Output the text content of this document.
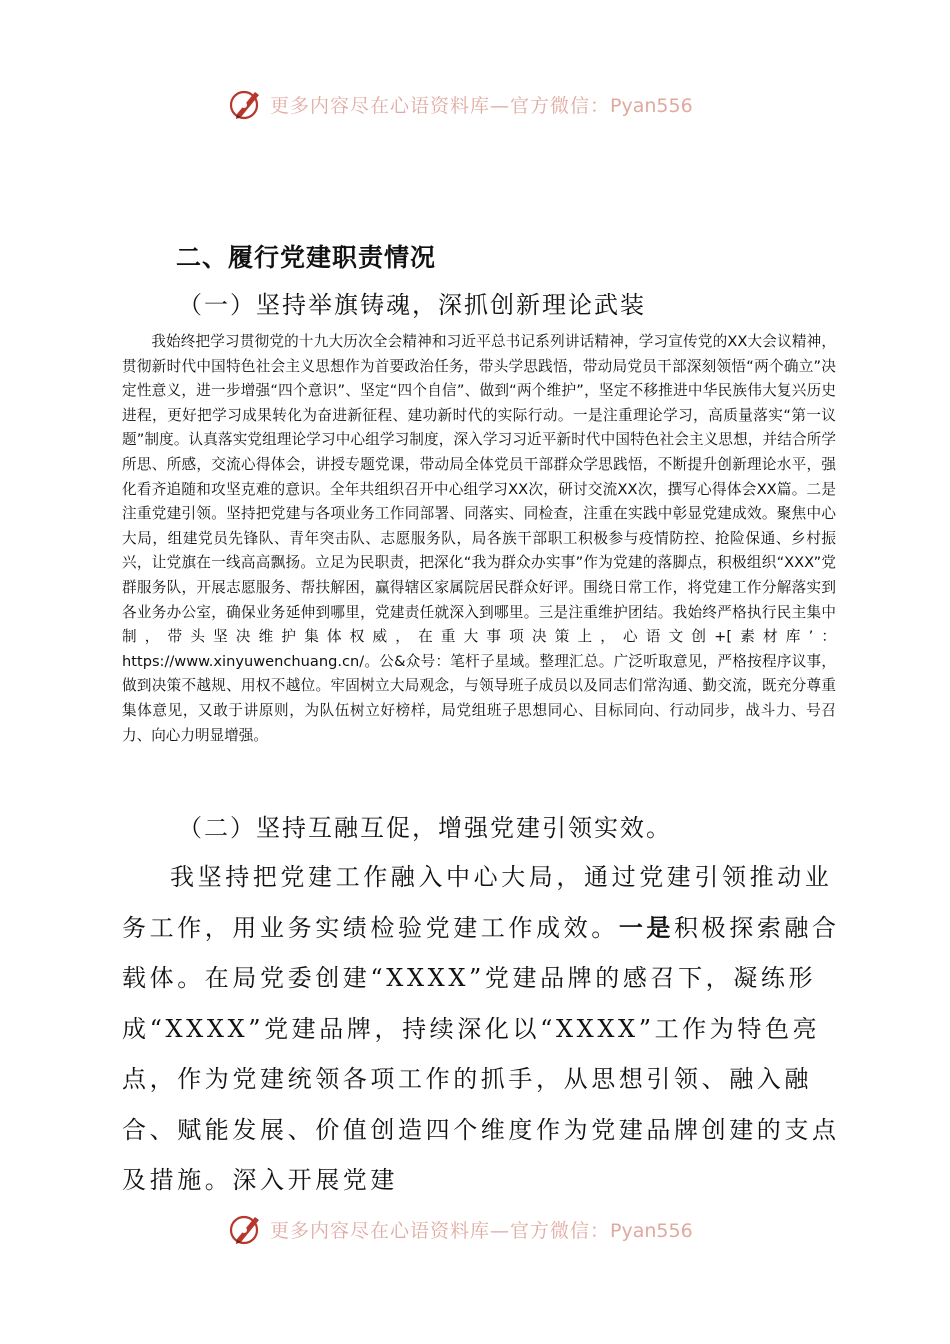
更多内容尽在心语资料库—官方微信：Pyan556
二、履行党建职责情况
（一）坚持举旗铸魂，深抓创新理论武装

我始终把学习贯彻党的十九大历次全会精神和习近平总书记系列讲话精神，学习宣传党的XX大会议精神，贯彻新时代中国特色社会主义思想作为首要政治任务，带头学思践悟，带动局党员干部深刻领悟“两个确立”决定性意义，进一步增强“四个意识”、坚定“四个自信”、做到“两个维护”，坚定不移推进中华民族伟大复兴历史进程，更好把学习成果转化为奋进新征程、建功新时代的实际行动。一是注重理论学习，高质量落实“第一议题”制度。认真落实党组理论学习中心组学习制度，深入学习习近平新时代中国特色社会主义思想，并结合所学所思、所感，交流心得体会，讲授专题党课，带动局全体党员干部群众学思践悟，不断提升创新理论水平，强化看齐追随和攻坚克难的意识。全年共组织召开中心组学习XX次，研讨交流XX次，撰写心得体会XX篇。二是注重党建引领。坚持把党建与各项业务工作同部署、同落实、同检查，注重在实践中彰显党建成效。聚焦中心大局，组建党员先锋队、青年突击队、志愿服务队，局各族干部职工积极参与疫情防控、抢险保通、乡村振兴，让党旗在一线高高飘扬。立足为民职责，把深化“我为群众办实事”作为党建的落脚点，积极组织“XXX”党群服务队，开展志愿服务、帮扶解困，赢得辖区家属院居民群众好评。围绕日常工作，将党建工作分解落实到各业务办公室，确保业务延伸到哪里，党建责任就深入到哪里。三是注重维护团结。我始终严格执行民主集中制，带头坚决维护集体权威，在重大事项决策上，心语文创+[素材库’：https://www.xinyuwenchuang.cn/。公&众号：笔杆子星域。整理汇总。广泛听取意见，严格按程序议事，做到决策不越规、用权不越位。牢固树立大局观念，与领导班子成员以及同志们常沟通、勤交流，既充分尊重集体意见，又敢于讲原则，为队伍树立好榜样，局党组班子思想同心、目标同向、行动同步，战斗力、号召力、向心力明显增强。

（二）坚持互融互促，增强党建引领实效。

我坚持把党建工作融入中心大局，通过党建引领推动业务工作，用业务实绩检验党建工作成效。一是积极探索融合载体。在局党委创建“XXXX”党建品牌的感召下，凝练形成“XXXX”党建品牌，持续深化以“XXXX”工作为特色亮点，作为党建统领各项工作的抓手，从思想引领、融入融合、赋能发展、价值创造四个维度作为党建品牌创建的支点及措施。深入开展党建

更多内容尽在心语资料库—官方微信：Pyan556
